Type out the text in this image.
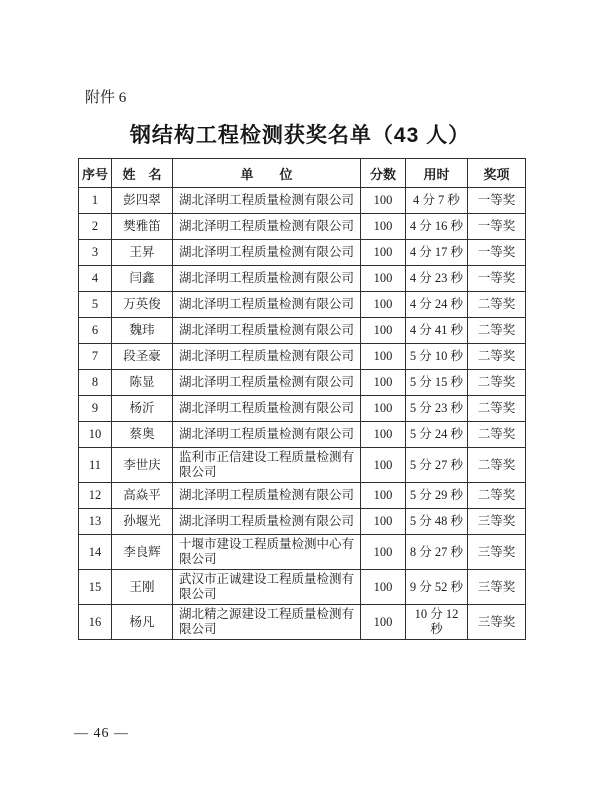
附件 6
钢结构工程检测获奖名单（43 人）
序号	姓　名	单　　位	分数	用时	奖项
1	彭四翠	湖北泽明工程质量检测有限公司	100	4 分 7 秒	一等奖
2	樊雅笛	湖北泽明工程质量检测有限公司	100	4 分 16 秒	一等奖
3	王昇	湖北泽明工程质量检测有限公司	100	4 分 17 秒	一等奖
4	闫鑫	湖北泽明工程质量检测有限公司	100	4 分 23 秒	一等奖
5	万英俊	湖北泽明工程质量检测有限公司	100	4 分 24 秒	二等奖
6	魏玮	湖北泽明工程质量检测有限公司	100	4 分 41 秒	二等奖
7	段圣豪	湖北泽明工程质量检测有限公司	100	5 分 10 秒	二等奖
8	陈显	湖北泽明工程质量检测有限公司	100	5 分 15 秒	二等奖
9	杨沂	湖北泽明工程质量检测有限公司	100	5 分 23 秒	二等奖
10	蔡奥	湖北泽明工程质量检测有限公司	100	5 分 24 秒	二等奖
11	李世庆	监利市正信建设工程质量检测有限公司	100	5 分 27 秒	二等奖
12	高焱平	湖北泽明工程质量检测有限公司	100	5 分 29 秒	二等奖
13	孙堰光	湖北泽明工程质量检测有限公司	100	5 分 48 秒	三等奖
14	李良辉	十堰市建设工程质量检测中心有限公司	100	8 分 27 秒	三等奖
15	王刚	武汉市正诚建设工程质量检测有限公司	100	9 分 52 秒	三等奖
16	杨凡	湖北精之源建设工程质量检测有限公司	100	10 分 12 秒	三等奖
— 46 —
